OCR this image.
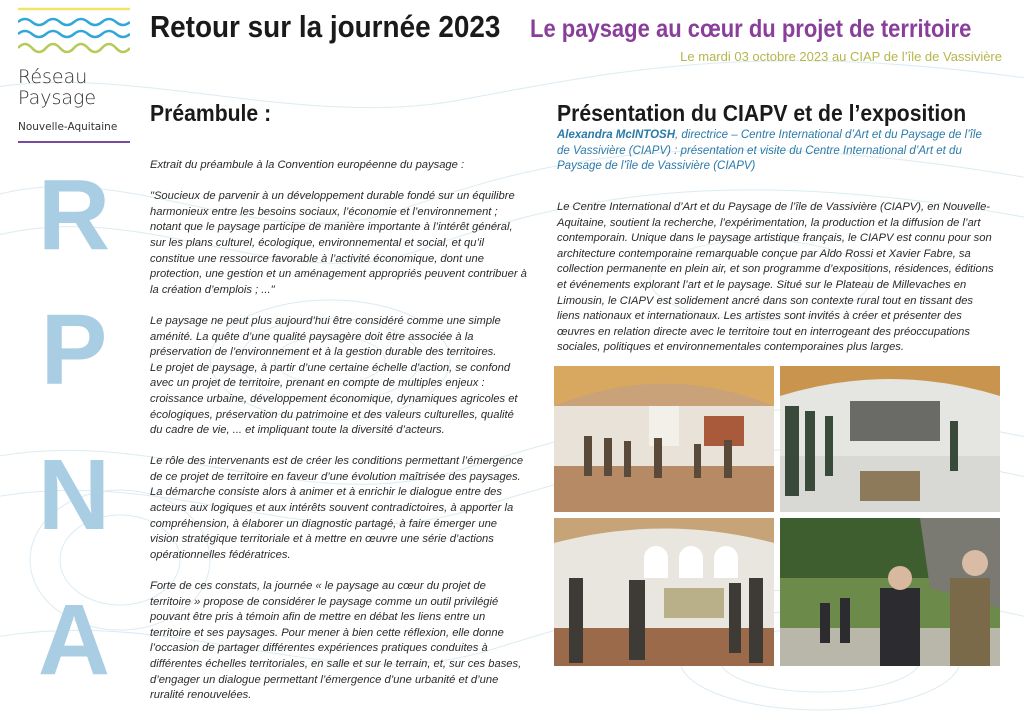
Réseau
Paysage
Nouvelle-Aquitaine
R
P
N
A
Retour sur la journée 2023 Le paysage au cœur du projet de territoire
Le mardi 03 octobre 2023 au CIAP de l’île de Vassivière
Préambule :

Extrait du préambule à la Convention européenne du paysage :

"Soucieux de parvenir à un développement durable fondé sur un équilibre harmonieux entre les besoins sociaux, l’économie et l’environnement ; notant que le paysage participe de manière importante à l’intérêt général, sur les plans culturel, écologique, environnemental et social, et qu’il constitue une ressource favorable à l’activité économique, dont une protection, une gestion et un aménagement appropriés peuvent contribuer à la création d’emplois ; ..."

Le paysage ne peut plus aujourd’hui être considéré comme une simple aménité. La quête d’une qualité paysagère doit être associée à la préservation de l’environnement et à la gestion durable des territoires.

Le projet de paysage, à partir d’une certaine échelle d’action, se confond avec un projet de territoire, prenant en compte de multiples enjeux : croissance urbaine, développement économique, dynamiques agricoles et écologiques, préservation du patrimoine et des valeurs culturelles, qualité du cadre de vie, ... et impliquant toute la diversité d’acteurs.

Le rôle des intervenants est de créer les conditions permettant l’émergence de ce projet de territoire en faveur d’une évolution maîtrisée des paysages. La démarche consiste alors à animer et à enrichir le dialogue entre des acteurs aux logiques et aux intérêts souvent contradictoires, à apporter la compréhension, à élaborer un diagnostic partagé, à faire émerger une vision stratégique territoriale et à mettre en œuvre une série d’actions opérationnelles fédératrices.

Forte de ces constats, la journée « le paysage au cœur du projet de territoire » propose de considérer le paysage comme un outil privilégié pouvant être pris à témoin afin de mettre en débat les liens entre un territoire et ses paysages. Pour mener à bien cette réflexion, elle donne l’occasion de partager différentes expériences pratiques conduites à différentes échelles territoriales, en salle et sur le terrain, et, sur ces bases, d’engager un dialogue permettant l’émergence d’une urbanité et d’une ruralité renouvelées.

Présentation du CIAPV et de l’exposition
Alexandra McINTOSH, directrice – Centre International d’Art et du Paysage de l’île de Vassivière (CIAPV) : présentation et visite du Centre International d’Art et du Paysage de l’île de Vassivière (CIAPV)

Le Centre International d’Art et du Paysage de l’île de Vassivière (CIAPV), en Nouvelle-Aquitaine, soutient la recherche, l’expérimentation, la production et la diffusion de l’art contemporain. Unique dans le paysage artistique français, le CIAPV est connu pour son architecture contemporaine remarquable conçue par Aldo Rossi et Xavier Fabre, sa collection permanente en plein air, et son programme d’expositions, résidences, éditions et événements explorant l’art et le paysage. Situé sur le Plateau de Millevaches en Limousin, le CIAPV est solidement ancré dans son contexte rural tout en tissant des liens nationaux et internationaux. Les artistes sont invités à créer et présenter des œuvres en relation directe avec le territoire tout en interrogeant des préoccupations sociales, politiques et environnementales contemporaines plus larges.
